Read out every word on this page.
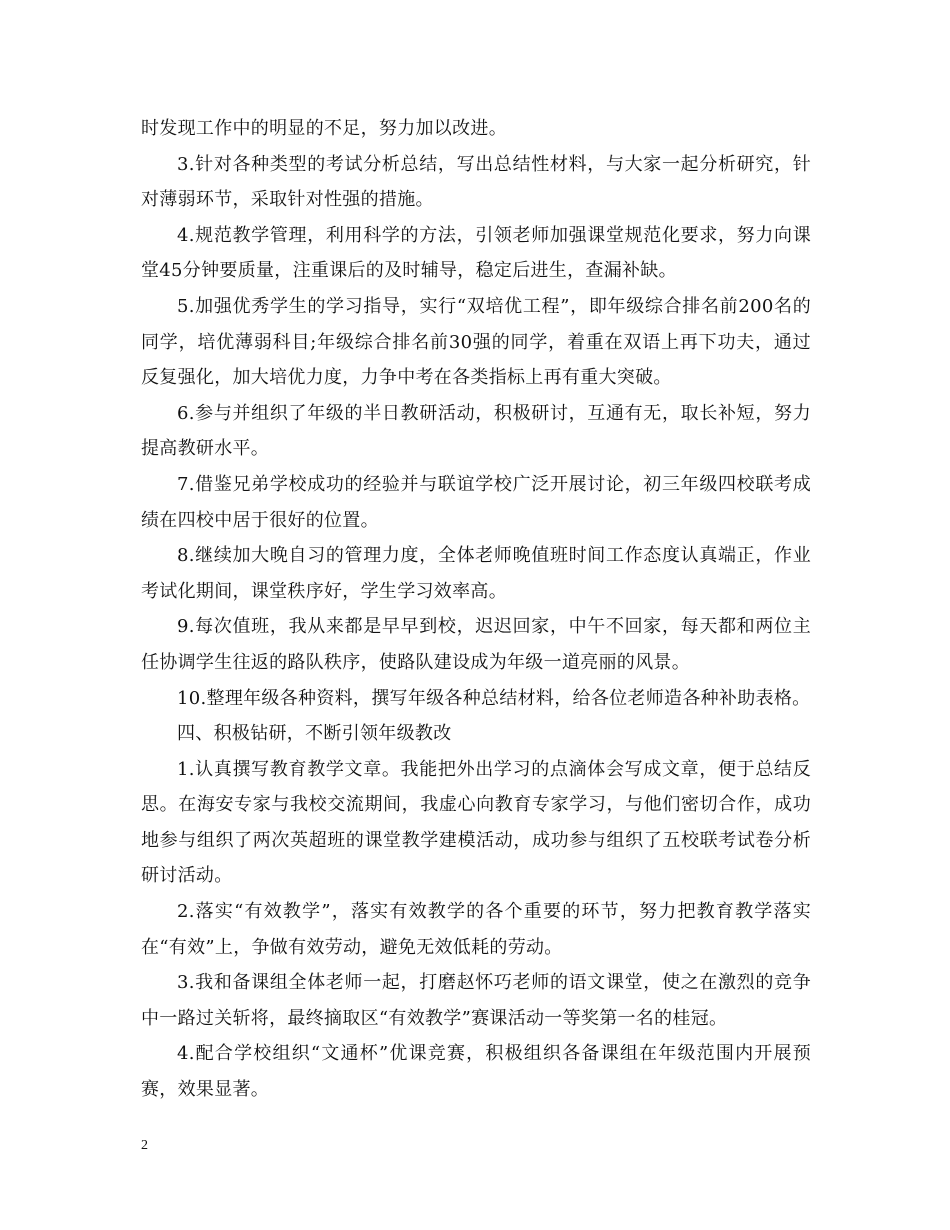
时发现工作中的明显的不足，努力加以改进。

3.针对各种类型的考试分析总结，写出总结性材料，与大家一起分析研究，针对薄弱环节，采取针对性强的措施。

4.规范教学管理，利用科学的方法，引领老师加强课堂规范化要求，努力向课堂45分钟要质量，注重课后的及时辅导，稳定后进生，查漏补缺。

5.加强优秀学生的学习指导，实行“双培优工程”，即年级综合排名前200名的同学，培优薄弱科目;年级综合排名前30强的同学，着重在双语上再下功夫，通过反复强化，加大培优力度，力争中考在各类指标上再有重大突破。

6.参与并组织了年级的半日教研活动，积极研讨，互通有无，取长补短，努力提高教研水平。

7.借鉴兄弟学校成功的经验并与联谊学校广泛开展讨论，初三年级四校联考成绩在四校中居于很好的位置。

8.继续加大晚自习的管理力度，全体老师晚值班时间工作态度认真端正，作业考试化期间，课堂秩序好，学生学习效率高。

9.每次值班，我从来都是早早到校，迟迟回家，中午不回家，每天都和两位主任协调学生往返的路队秩序，使路队建设成为年级一道亮丽的风景。

10.整理年级各种资料，撰写年级各种总结材料，给各位老师造各种补助表格。

四、积极钻研，不断引领年级教改

1.认真撰写教育教学文章。我能把外出学习的点滴体会写成文章，便于总结反思。在海安专家与我校交流期间，我虚心向教育专家学习，与他们密切合作，成功地参与组织了两次英超班的课堂教学建模活动，成功参与组织了五校联考试卷分析研讨活动。

2.落实“有效教学”，落实有效教学的各个重要的环节，努力把教育教学落实在“有效”上，争做有效劳动，避免无效低耗的劳动。

3.我和备课组全体老师一起，打磨赵怀巧老师的语文课堂，使之在激烈的竞争中一路过关斩将，最终摘取区“有效教学”赛课活动一等奖第一名的桂冠。

4.配合学校组织“文通杯”优课竞赛，积极组织各备课组在年级范围内开展预赛，效果显著。

2
